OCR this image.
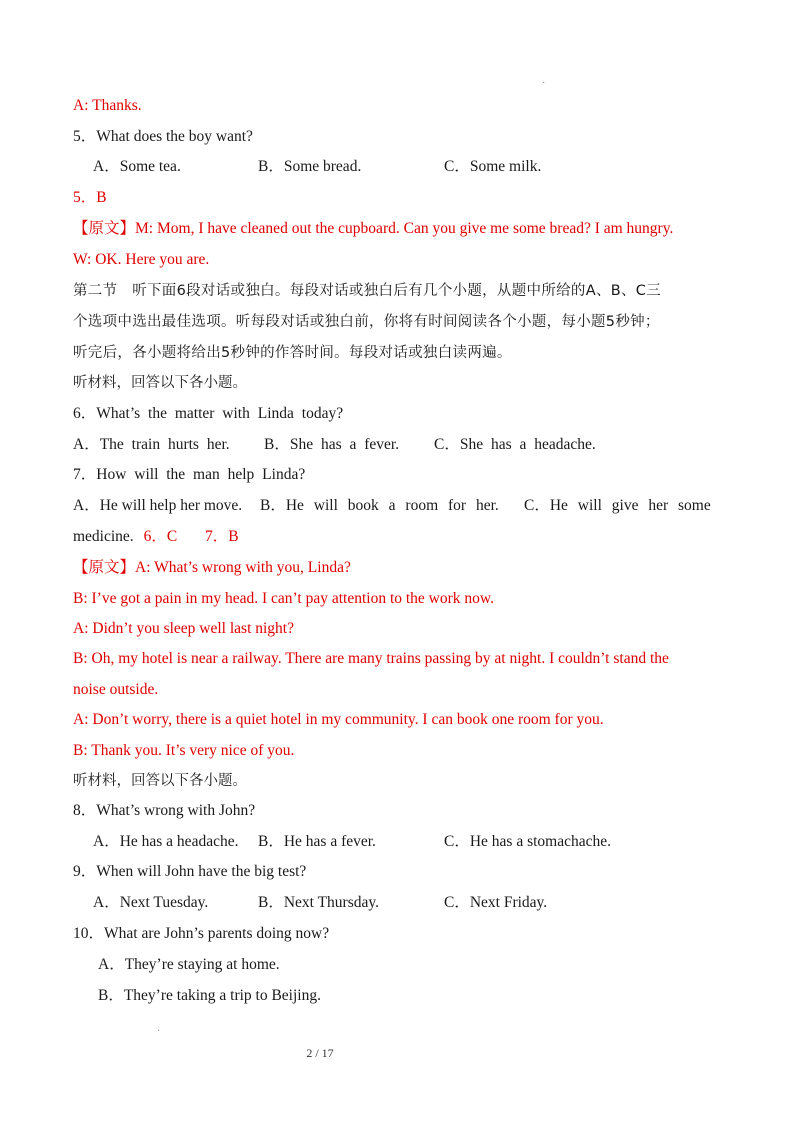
·
A: Thanks.
5．What does the boy want?
A．Some tea.	B．Some bread.	C．Some milk.
5．B
【原文】M: Mom, I have cleaned out the cupboard. Can you give me some bread? I am hungry.
W: OK. Here you are.
第二节　听下面6段对话或独白。每段对话或独白后有几个小题，从题中所给的A、B、C三
个选项中选出最佳选项。听每段对话或独白前，你将有时间阅读各个小题，每小题5秒钟；
听完后，各小题将给出5秒钟的作答时间。每段对话或独白读两遍。
听材料，回答以下各小题。
6．What’s the matter with Linda today?
A．The train hurts her. B．She has a fever. C．She has a headache.
7．How will the man help Linda?
A．He will help her move. B．He will book a room for her. C．He will give her some
medicine. 6．C 7．B
【原文】A: What’s wrong with you, Linda?
B: I’ve got a pain in my head. I can’t pay attention to the work now.
A: Didn’t you sleep well last night?
B: Oh, my hotel is near a railway. There are many trains passing by at night. I couldn’t stand the
noise outside.
A: Don’t worry, there is a quiet hotel in my community. I can book one room for you.
B: Thank you. It’s very nice of you.
听材料，回答以下各小题。
8．What’s wrong with John?
A．He has a headache. B．He has a fever.	C．He has a stomachache.
9．When will John have the big test?
A．Next Tuesday.	B．Next Thursday.	C．Next Friday.
10．What are John’s parents doing now?
A．They’re staying at home.
B．They’re taking a trip to Beijing.
·
2 / 17
